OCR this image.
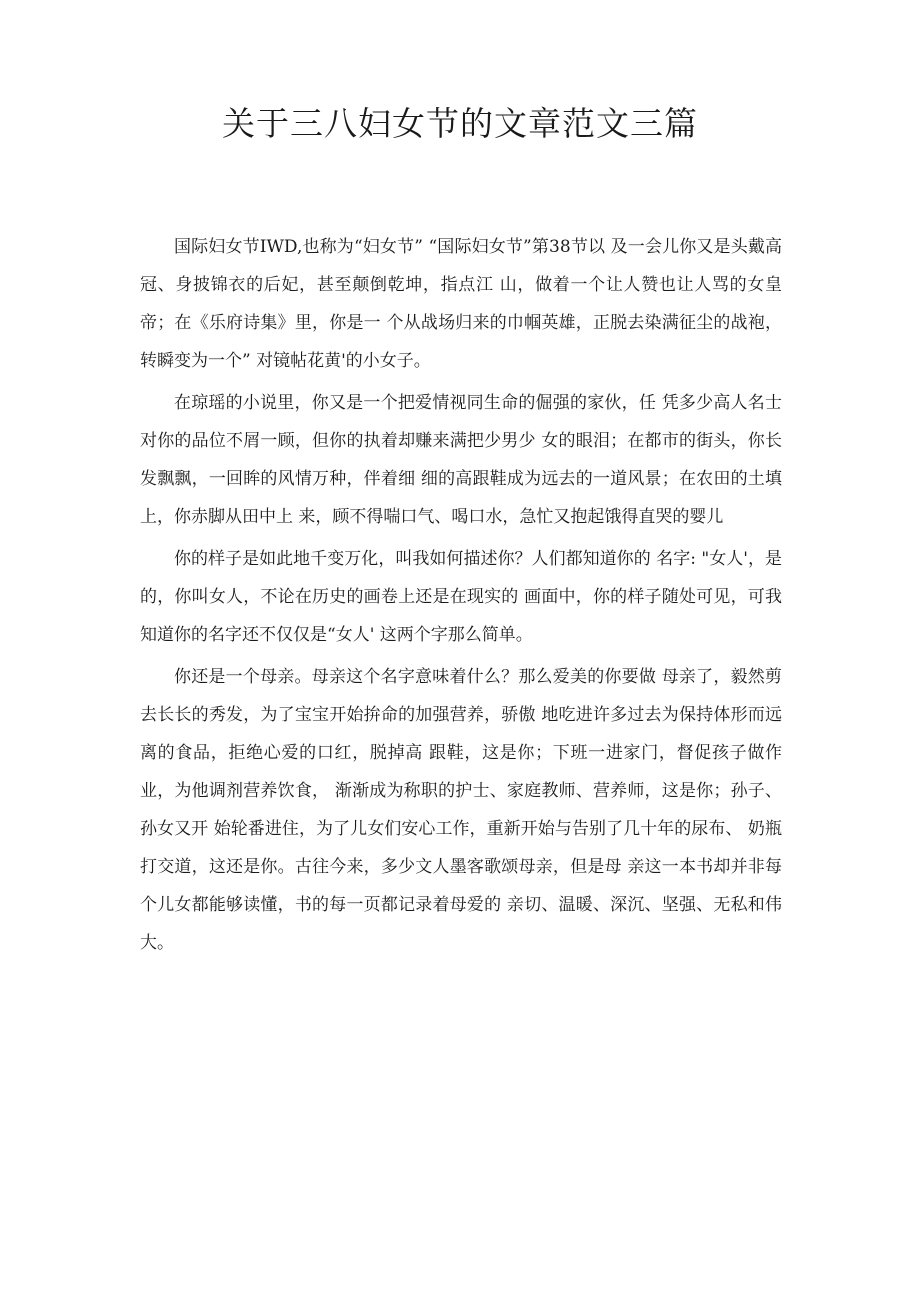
关于三八妇女节的文章范文三篇

国际妇女节IWD,也称为“妇女节” “国际妇女节”第38节以 及一会儿你又是头戴高冠、身披锦衣的后妃，甚至颠倒乾坤，指点江 山，做着一个让人赞也让人骂的女皇帝；在《乐府诗集》里，你是一 个从战场归来的巾帼英雄，正脱去染满征尘的战袍，转瞬变为一个” 对镜帖花黄'的小女子。

在琼瑶的小说里，你又是一个把爱情视同生命的倔强的家伙，任 凭多少高人名士对你的品位不屑一顾，但你的执着却赚来满把少男少 女的眼泪；在都市的街头，你长发飘飘，一回眸的风情万种，伴着细 细的高跟鞋成为远去的一道风景；在农田的土填上，你赤脚从田中上 来，顾不得喘口气、喝口水，急忙又抱起饿得直哭的婴儿

你的样子是如此地千变万化，叫我如何描述你？人们都知道你的 名字: "女人'，是的，你叫女人，不论在历史的画卷上还是在现实的 画面中，你的样子随处可见，可我知道你的名字还不仅仅是“女人' 这两个字那么简单。

你还是一个母亲。母亲这个名字意味着什么？那么爱美的你要做 母亲了，毅然剪去长长的秀发，为了宝宝开始拚命的加强营养，骄傲 地吃进许多过去为保持体形而远离的食品，拒绝心爱的口红，脱掉高 跟鞋，这是你；下班一进家门，督促孩子做作业，为他调剂营养饮食， 渐渐成为称职的护士、家庭教师、营养师，这是你；孙子、孙女又开 始轮番进住，为了儿女们安心工作，重新开始与告别了几十年的尿布、 奶瓶打交道，这还是你。古往今来，多少文人墨客歌颂母亲，但是母 亲这一本书却并非每个儿女都能够读懂，书的每一页都记录着母爱的 亲切、温暖、深沉、坚强、无私和伟大。
